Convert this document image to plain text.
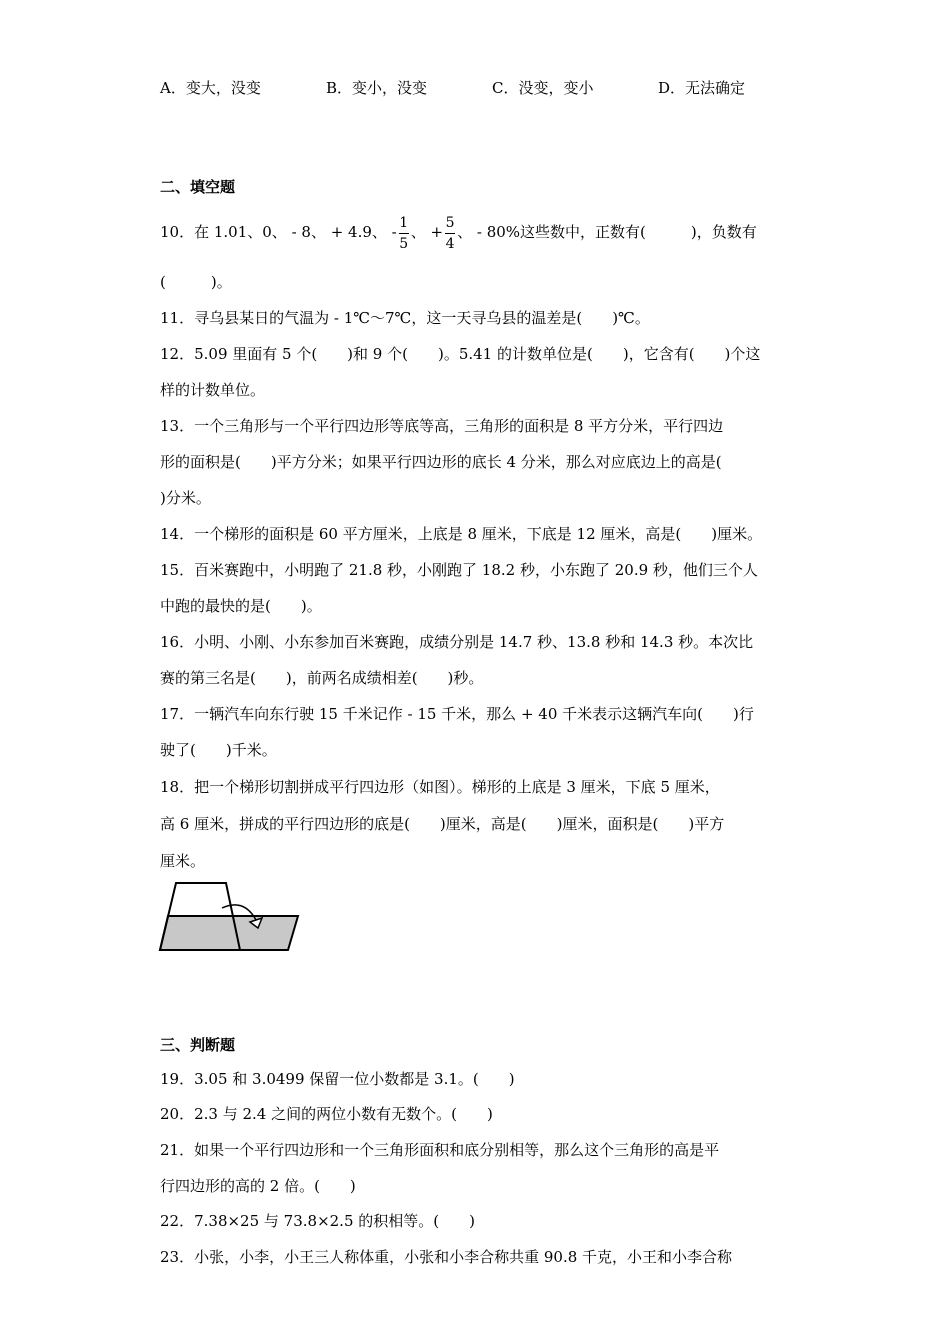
A．变大，没变	B．变小，没变	C．没变，变小	D．无法确定
二、填空题
10．在 1.01、0、 - 8、 + 4.9、 - $\frac{1}{5}$ 、 + $\frac{5}{4}$ 、 - 80%这些数中，正数有(　　　)，负数有
(　　　)。
11．寻乌县某日的气温为 - 1℃～7℃，这一天寻乌县的温差是(　　)℃。
12．5.09 里面有 5 个(　　)和 9 个(　　)。5.41 的计数单位是(　　)，它含有(　　)个这
样的计数单位。
13．一个三角形与一个平行四边形等底等高，三角形的面积是 8 平方分米，平行四边
形的面积是(　　)平方分米；如果平行四边形的底长 4 分米，那么对应底边上的高是(
)分米。
14．一个梯形的面积是 60 平方厘米，上底是 8 厘米，下底是 12 厘米，高是(　　)厘米。
15．百米赛跑中，小明跑了 21.8 秒，小刚跑了 18.2 秒，小东跑了 20.9 秒，他们三个人
中跑的最快的是(　　)。
16．小明、小刚、小东参加百米赛跑，成绩分别是 14.7 秒、13.8 秒和 14.3 秒。本次比
赛的第三名是(　　)，前两名成绩相差(　　)秒。
17．一辆汽车向东行驶 15 千米记作 - 15 千米，那么 + 40 千米表示这辆汽车向(　　)行
驶了(　　)千米。
18．把一个梯形切割拼成平行四边形（如图）。梯形的上底是 3 厘米，下底 5 厘米，
高 6 厘米，拼成的平行四边形的底是(　　)厘米，高是(　　)厘米，面积是(　　)平方
厘米。
三、判断题
19．3.05 和 3.0499 保留一位小数都是 3.1。(　　)
20．2.3 与 2.4 之间的两位小数有无数个。(　　)
21．如果一个平行四边形和一个三角形面积和底分别相等，那么这个三角形的高是平
行四边形的高的 2 倍。(　　)
22．7.38×25 与 73.8×2.5 的积相等。(　　)
23．小张，小李，小王三人称体重，小张和小李合称共重 90.8 千克，小王和小李合称
